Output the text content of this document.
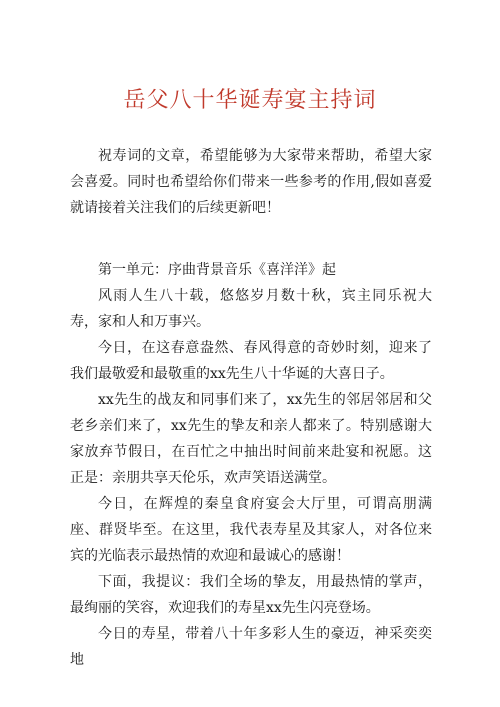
岳父八十华诞寿宴主持词

祝寿词的文章，希望能够为大家带来帮助，希望大家会喜爱。同时也希望给你们带来一些参考的作用,假如喜爱就请接着关注我们的后续更新吧！

第一单元：序曲背景音乐《喜洋洋》起

风雨人生八十载，悠悠岁月数十秋，宾主同乐祝大寿，家和人和万事兴。

今日，在这春意盎然、春风得意的奇妙时刻，迎来了我们最敬爱和最敬重的xx先生八十华诞的大喜日子。

xx先生的战友和同事们来了，xx先生的邻居邻居和父老乡亲们来了，xx先生的挚友和亲人都来了。特别感谢大家放弃节假日，在百忙之中抽出时间前来赴宴和祝愿。这正是：亲朋共享天伦乐，欢声笑语送满堂。

今日，在辉煌的秦皇食府宴会大厅里，可谓高朋满座、群贤毕至。在这里，我代表寿星及其家人，对各位来宾的光临表示最热情的欢迎和最诚心的感谢！

下面，我提议：我们全场的挚友，用最热情的掌声，最绚丽的笑容，欢迎我们的寿星xx先生闪亮登场。

今日的寿星，带着八十年多彩人生的豪迈，神采奕奕地
